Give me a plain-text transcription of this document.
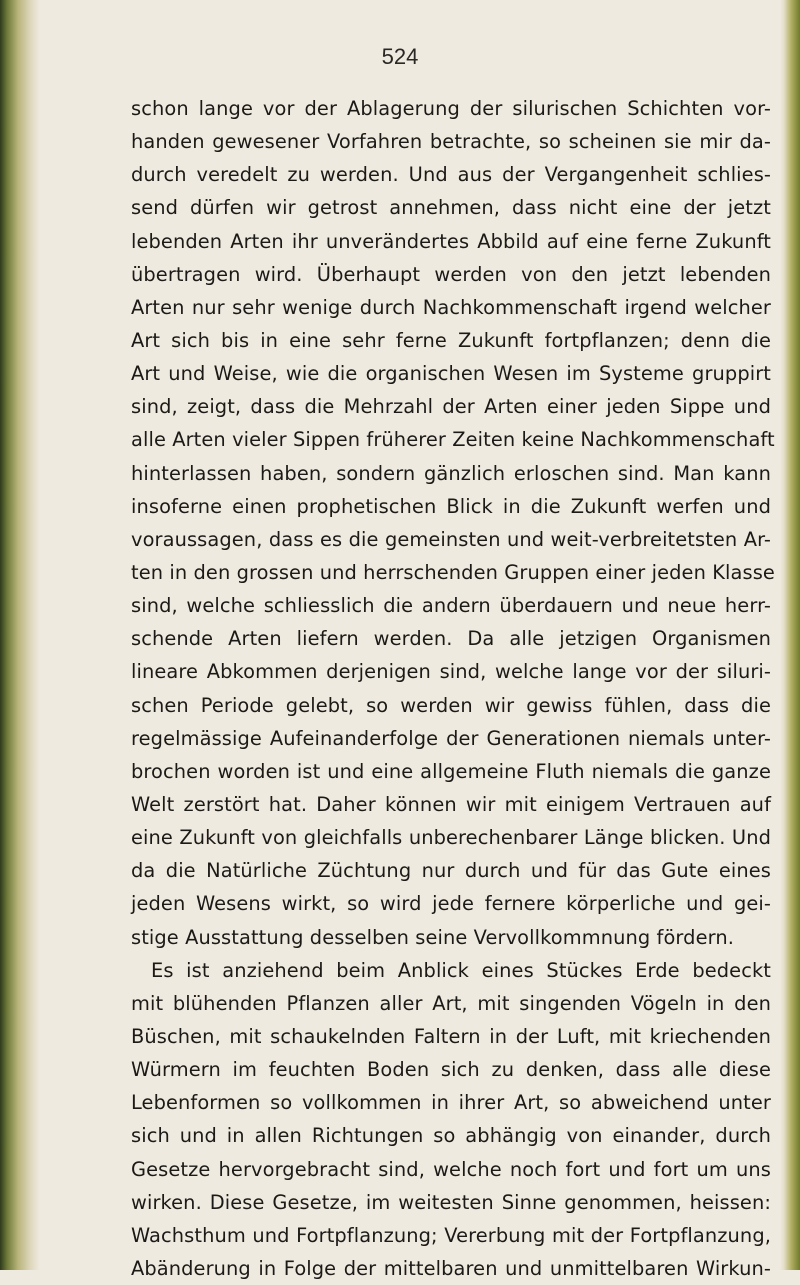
524
schon lange vor der Ablagerung der silurischen Schichten vor-
handen gewesener Vorfahren betrachte, so scheinen sie mir da-
durch veredelt zu werden. Und aus der Vergangenheit schlies-
send dürfen wir getrost annehmen, dass nicht eine der jetzt
lebenden Arten ihr unverändertes Abbild auf eine ferne Zukunft
übertragen wird. Überhaupt werden von den jetzt lebenden
Arten nur sehr wenige durch Nachkommenschaft irgend welcher
Art sich bis in eine sehr ferne Zukunft fortpflanzen; denn die
Art und Weise, wie die organischen Wesen im Systeme gruppirt
sind, zeigt, dass die Mehrzahl der Arten einer jeden Sippe und
alle Arten vieler Sippen früherer Zeiten keine Nachkommenschaft
hinterlassen haben, sondern gänzlich erloschen sind. Man kann
insoferne einen prophetischen Blick in die Zukunft werfen und
voraussagen, dass es die gemeinsten und weit-verbreitetsten Ar-
ten in den grossen und herrschenden Gruppen einer jeden Klasse
sind, welche schliesslich die andern überdauern und neue herr-
schende Arten liefern werden. Da alle jetzigen Organismen
lineare Abkommen derjenigen sind, welche lange vor der siluri-
schen Periode gelebt, so werden wir gewiss fühlen, dass die
regelmässige Aufeinanderfolge der Generationen niemals unter-
brochen worden ist und eine allgemeine Fluth niemals die ganze
Welt zerstört hat. Daher können wir mit einigem Vertrauen auf
eine Zukunft von gleichfalls unberechenbarer Länge blicken. Und
da die Natürliche Züchtung nur durch und für das Gute eines
jeden Wesens wirkt, so wird jede fernere körperliche und gei-
stige Ausstattung desselben seine Vervollkommnung fördern.
Es ist anziehend beim Anblick eines Stückes Erde bedeckt
mit blühenden Pflanzen aller Art, mit singenden Vögeln in den
Büschen, mit schaukelnden Faltern in der Luft, mit kriechenden
Würmern im feuchten Boden sich zu denken, dass alle diese
Lebenformen so vollkommen in ihrer Art, so abweichend unter
sich und in allen Richtungen so abhängig von einander, durch
Gesetze hervorgebracht sind, welche noch fort und fort um uns
wirken. Diese Gesetze, im weitesten Sinne genommen, heissen:
Wachsthum und Fortpflanzung; Vererbung mit der Fortpflanzung,
Abänderung in Folge der mittelbaren und unmittelbaren Wirkun-
